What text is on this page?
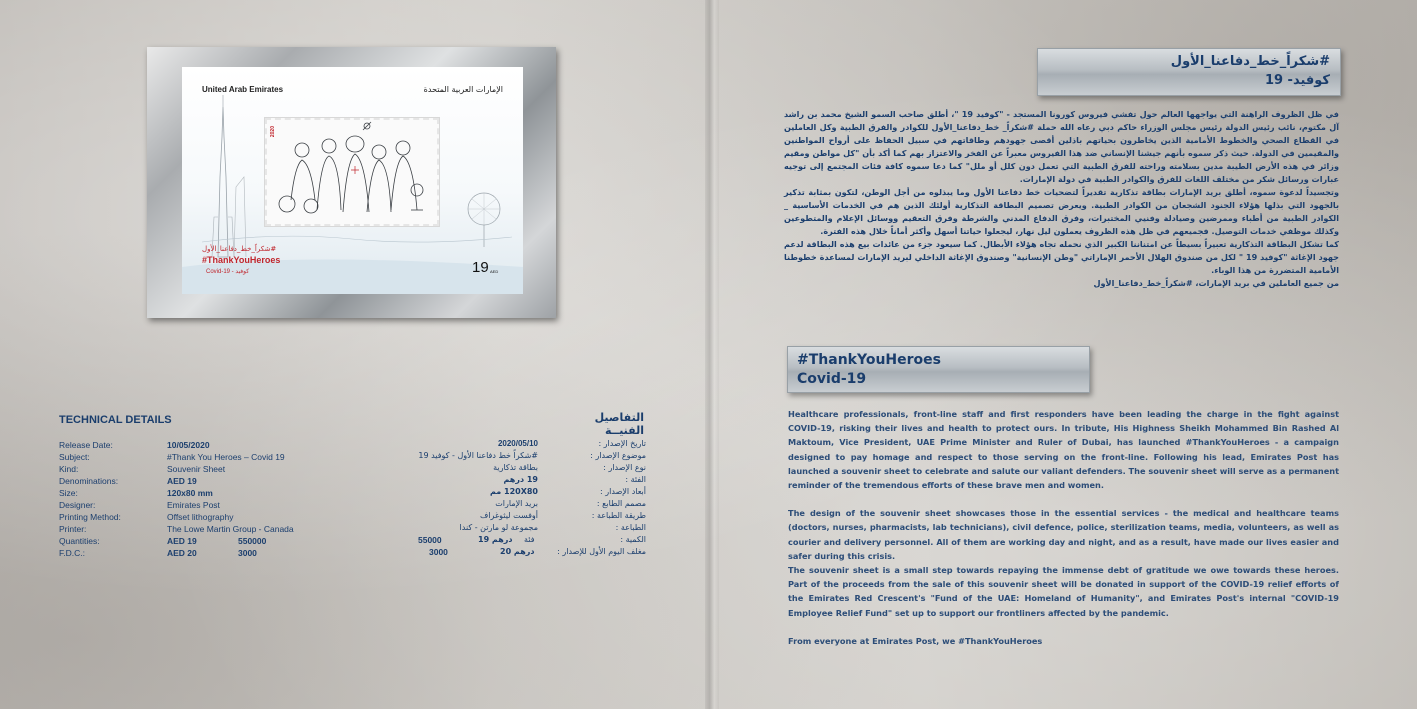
United Arab Emirates	الإمارات العربية المتحدة
2020
#شكراً_خط_دفاعنا_الأول
#ThankYouHeroes
Covid-19 - كوفيد	19 AED
#شكراً_خط_دفاعنا_الأول
كوفيد- 19

في ظل الظروف الراهنة التي يواجهها العالم حول تفشي فيروس كورونا المستجد - "كوفيد 19 "، أطلق صاحب السمو الشيخ محمد بن راشد آل مكتوم، نائب رئيس الدولة رئيس مجلس الوزراء حاكم دبي رعاه الله حملة #شكراً_ خط_دفاعنا_الأول للكوادر والفرق الطبية وكل العاملين في القطاع الصحي والخطوط الأمامية الذين يخاطرون بحياتهم باذلين أقصى جهودهم وطاقاتهم في سبيل الحفاظ على أرواح المواطنين والمقيمين في الدولة. حيث ذكر سموه بأنهم جيشنا الإنساني ضد هذا الفيروس معبراً عن الفخر والاعتزاز بهم كما أكد بأن "كل مواطن ومقيم وزائر في هذه الأرض الطيبة مدين بسلامته وراحته للفرق الطبية التي تعمل دون كلل أو ملل" كما دعا سموه كافة فئات المجتمع إلى توجيه عبارات ورسائل شكر من مختلف اللغات للفرق والكوادر الطبية في دولة الإمارات.

وتجسيداً لدعوة سموه، أطلق بريد الإمارات بطاقة تذكارية تقديراً لتضحيات خط دفاعنا الأول وما يبذلوه من أجل الوطن، لتكون بمثابة تذكير بالجهود التي بذلها هؤلاء الجنود الشجعان من الكوادر الطبية. ويعرض تصميم البطاقة التذكارية أولئك الذين هم في الخدمات الأساسية _ الكوادر الطبية من أطباء وممرضين وصيادلة وفنيي المختبرات، وفرق الدفاع المدني والشرطة وفرق التعقيم ووسائل الإعلام والمتطوعين وكذلك موظفي خدمات التوصيل. فجميعهم في ظل هذه الظروف يعملون ليل نهار، ليجعلوا حياتنا أسهل وأكثر أماناً خلال هذه الفترة.

كما تشكل البطاقة التذكارية تعبيراً بسيطاً عن امتناننا الكبير الذي نحمله تجاه هؤلاء الأبطال. كما سيعود جزء من عائدات بيع هذه البطاقة لدعم جهود الإغاثة "كوفيد 19 " لكل من صندوق الهلال الأحمر الإماراتي "وطن الإنسانية" وصندوق الإغاثة الداخلي لبريد الإمارات لمساعدة خطوطنا الأمامية المتضررة من هذا الوباء.

من جميع العاملين في بريد الإمارات، #شكراً_خط_دفاعنا_الأول

#ThankYouHeroes
Covid-19

Healthcare professionals, front-line staff and first responders have been leading the charge in the fight against COVID-19, risking their lives and health to protect ours. In tribute, His Highness Sheikh Mohammed Bin Rashed Al Maktoum, Vice President, UAE Prime Minister and Ruler of Dubai, has launched #ThankYouHeroes - a campaign designed to pay homage and respect to those serving on the front-line. Following his lead, Emirates Post has launched a souvenir sheet to celebrate and salute our valiant defenders. The souvenir sheet will serve as a permanent reminder of the tremendous efforts of these brave men and women.

The design of the souvenir sheet showcases those in the essential services - the medical and healthcare teams (doctors, nurses, pharmacists, lab technicians), civil defence, police, sterilization teams, media, volunteers, as well as courier and delivery personnel. All of them are working day and night, and as a result, have made our lives easier and safer during this crisis.

The souvenir sheet is a small step towards repaying the immense debt of gratitude we owe towards these heroes. Part of the proceeds from the sale of this souvenir sheet will be donated in support of the COVID-19 relief efforts of the Emirates Red Crescent's "Fund of the UAE: Homeland of Humanity", and Emirates Post's internal "COVID-19 Employee Relief Fund" set up to support our frontliners affected by the pandemic.

From everyone at Emirates Post, we #ThankYouHeroes

TECHNICAL DETAILS	التفاصيل الفنيــة
Release Date:	10/05/2020
Subject:	#Thank You Heroes – Covid 19
Kind:	Souvenir Sheet
Denominations:	AED 19
Size:	120x80 mm
Designer:	Emirates Post
Printing Method:	Offset lithography
Printer:	The Lowe Martin Group - Canada
Quantities:	AED 19	550000
F.D.C.:	AED 20	3000
تاريخ الإصدار :
2020/05/10
موضوع الإصدار :
#شكراً خط دفاعنا الأول - كوفيد 19
نوع الإصدار :
بطاقة تذكارية
الفئة :
19 درهم
أبعاد الإصدار :
120X80 مم
مصمم الطابع :
بريد الإمارات
طريقة الطباعة :
أوفست ليثوغراف
الطباعة :
مجموعة لو مارتن - كندا
الكمية :
19 درهم فئة
55000
مغلف اليوم الأول للإصدار :
20 درهم
3000
